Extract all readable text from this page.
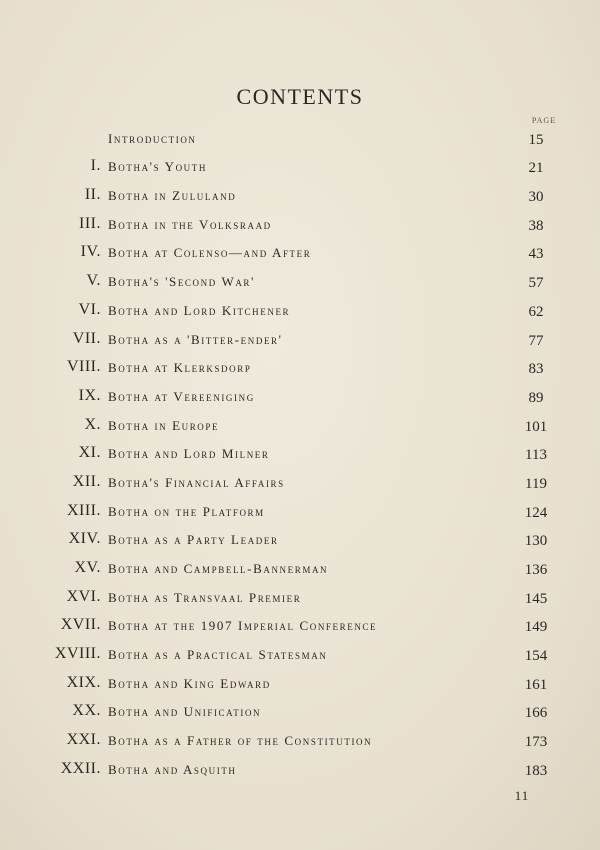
CONTENTS
PAGE
Introduction	15
I. Botha's Youth	21
II. Botha in Zululand	30
III. Botha in the Volksraad	38
IV. Botha at Colenso—and After	43
V. Botha's 'Second War'	57
VI. Botha and Lord Kitchener	62
VII. Botha as a 'Bitter-ender'	77
VIII. Botha at Klerksdorp	83
IX. Botha at Vereeniging	89
X. Botha in Europe	101
XI. Botha and Lord Milner	113
XII. Botha's Financial Affairs	119
XIII. Botha on the Platform	124
XIV. Botha as a Party Leader	130
XV. Botha and Campbell-Bannerman	136
XVI. Botha as Transvaal Premier	145
XVII. Botha at the 1907 Imperial Conference	149
XVIII. Botha as a Practical Statesman	154
XIX. Botha and King Edward	161
XX. Botha and Unification	166
XXI. Botha as a Father of the Constitution	173
XXII. Botha and Asquith	183
11
